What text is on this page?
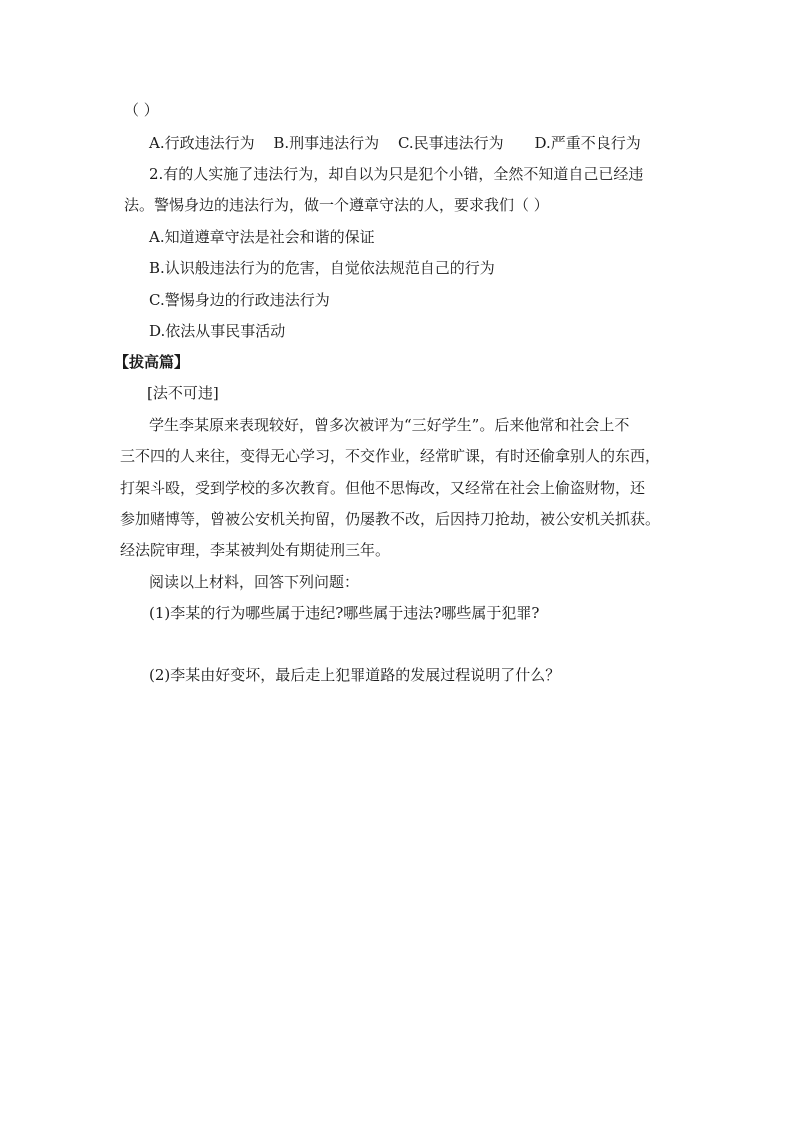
（ ）
A.行政违法行为 B.刑事违法行为 C.民事违法行为 D.严重不良行为
2.有的人实施了违法行为，却自以为只是犯个小错，全然不知道自己已经违
法。警惕身边的违法行为，做一个遵章守法的人，要求我们（ ）
A.知道遵章守法是社会和谐的保证
B.认识般违法行为的危害，自觉依法规范自己的行为
C.警惕身边的行政违法行为
D.依法从事民事活动
【拔高篇】
[法不可违]
学生李某原来表现较好，曾多次被评为“三好学生”。后来他常和社会上不
三不四的人来往，变得无心学习，不交作业，经常旷课，有时还偷拿别人的东西，
打架斗殴，受到学校的多次教育。但他不思悔改，又经常在社会上偷盗财物，还
参加赌博等，曾被公安机关拘留，仍屡教不改，后因持刀抢劫，被公安机关抓获。
经法院审理，李某被判处有期徒刑三年。
阅读以上材料，回答下列问题：
(1)李某的行为哪些属于违纪?哪些属于违法?哪些属于犯罪?
(2)李某由好变坏，最后走上犯罪道路的发展过程说明了什么？
